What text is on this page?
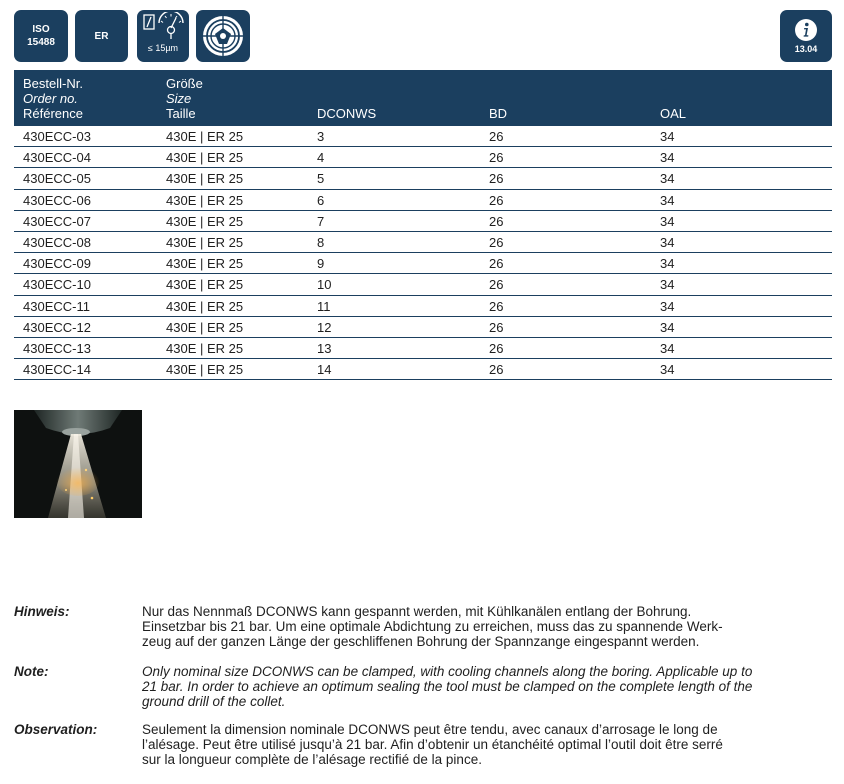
ISO
15488
ER
≤ 15µm	13.04
Bestell-Nr.
Order no.
Référence
Größe
Size
Taille	DCONWS	BD	OAL
430ECC-03	430E | ER 25	3	26	34
430ECC-04	430E | ER 25	4	26	34
430ECC-05	430E | ER 25	5	26	34
430ECC-06	430E | ER 25	6	26	34
430ECC-07	430E | ER 25	7	26	34
430ECC-08	430E | ER 25	8	26	34
430ECC-09	430E | ER 25	9	26	34
430ECC-10	430E | ER 25	10	26	34
430ECC-11	430E | ER 25	11	26	34
430ECC-12	430E | ER 25	12	26	34
430ECC-13	430E | ER 25	13	26	34
430ECC-14	430E | ER 25	14	26	34
Hinweis:	Nur das Nennmaß DCONWS kann gespannt werden, mit Kühlkanälen entlang der Bohrung.
Einsetzbar bis 21 bar. Um eine optimale Abdichtung zu erreichen, muss das zu spannende Werk-
zeug auf der ganzen Länge der geschliffenen Bohrung der Spannzange eingespannt werden.
Note:	Only nominal size DCONWS can be clamped, with cooling channels along the boring. Applicable up to
21 bar. In order to achieve an optimum sealing the tool must be clamped on the complete length of the
ground drill of the collet.
Observation:	Seulement la dimension nominale DCONWS peut être tendu, avec canaux d’arrosage le long de
l’alésage. Peut être utilisé jusqu’à 21 bar. Afin d’obtenir un étanchéité optimal l’outil doit être serré
sur la longueur complète de l’alésage rectifié de la pince.
